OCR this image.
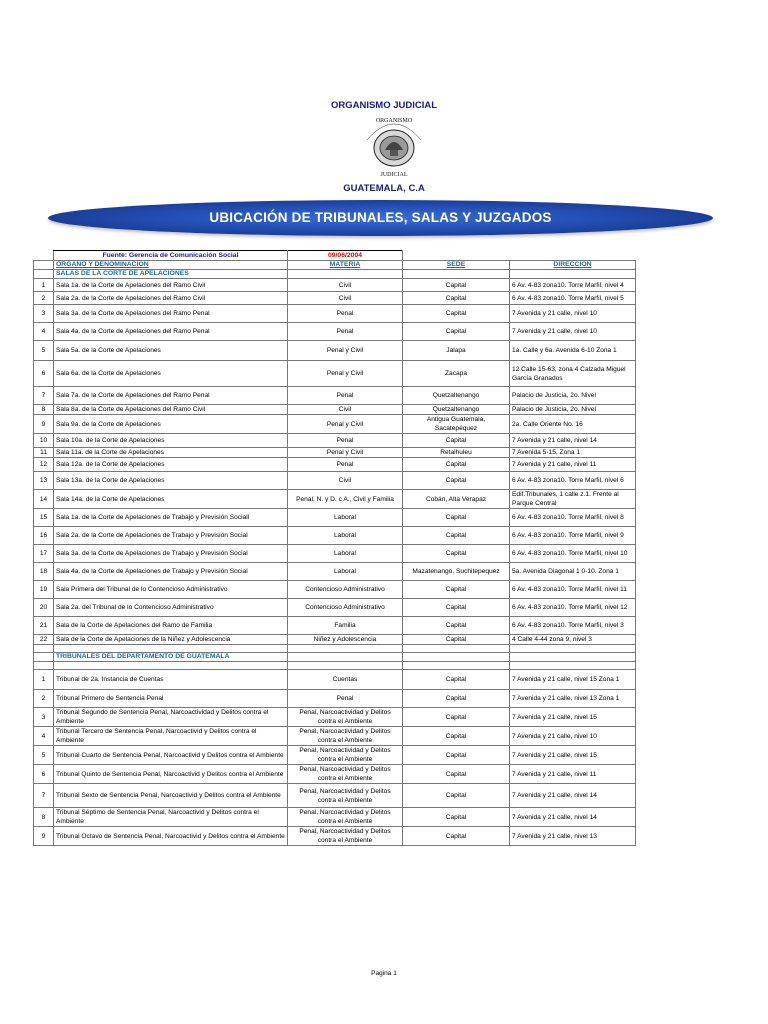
ORGANISMO JUDICIAL
ORGANISMO
JUDICIAL
GUATEMALA, C.A
UBICACIÓN DE TRIBUNALES, SALAS Y JUZGADOS
	Fuente: Gerencia de Comunicación Social	09/06/2004		
	ORGANO Y DENOMINACION	MATERIA	SEDE	DIRECCIÓN
	SALAS DE LA CORTE DE APELACIONES			
1	Sala 1a. de la Corte de Apelaciones del Ramo Civil	Civil	Capital	6 Av. 4-83 zona10. Torre Marfil, nivel 4
2	Sala 2a. de la Corte de Apelaciones del Ramo Civil	Civil	Capital	6 Av. 4-83 zona10. Torre Marfil, nivel 5
3	Sala 3a. de la Corte de Apelaciones del Ramo Penal	Penal	Capital	7 Avenida y 21 calle, nivel 10
4	Sala 4a. de la Corte de Apelaciones del Ramo Penal	Penal	Capital	7 Avenida y 21 calle, nivel 10
5	Sala 5a. de la Corte de Apelaciones	Penal y Civil	Jalapa	1a. Calle y 6a. Avenida 6-10 Zona 1
6	Sala 6a. de la Corte de Apelaciones	Penal y Civil	Zacapa	12 Calle 15-63, zona 4 Calzada Miguel García Granados
7	Sala 7a. de la Corte de Apelaciones del Ramo Penal	Penal	Quetzaltenango	Palacio de Justicia, 2o. Nivel
8	Sala 8a. de la Corte de Apelaciones del Ramo Civil	Civil	Quetzaltenango	Palacio de Justicia, 2o. Nivel
9	Sala 9a. de la Corte de Apelaciones	Penal y Civil	Antigua Guatemala, Sacatepéquez	2a. Calle Oriente No. 16
10	Sala 10a. de la Corte de Apelaciones	Penal	Capital	7 Avenida y 21 calle, nivel 14
11	Sala 11a. de la Corte de Apelaciones	Penal y Civil	Retalhuleu	7 Avenida 5-15, Zona 1
12	Sala 12a. de la Corte de Apelaciones	Penal	Capital	7 Avenida y 21 calle, nivel 11
13	Sala 13a. de la Corte de Apelaciones	Civil	Capital	6 Av. 4-83 zona10. Torre Marfil, nivel 6
14	Sala 14a. de la Corte de Apelaciones	Penal, N. y D. c A., Civil y Familia	Cobán, Alta Verapaz	Edif.Tribunales, 1 calle z.1. Frente al Parque Central
15	Sala 1a. de la Corte de Apelaciones de Trabajo y Previsión Sociall	Laboral	Capital	6 Av. 4-83 zona10. Torre Marfil, nivel 8
16	Sala 2a. de la Corte de Apelaciones de Trabajo y Previsión Social	Laboral	Capital	6 Av. 4-83 zona10. Torre Marfil, nivel 9
17	Sala 3a. de la Corte de Apelaciones de Trabajo y Previsión Social	Laboral	Capital	6 Av. 4-83 zona10. Torre Marfil, nivel 10
18	Sala 4a. de la Corte de Apelaciones de Trabajo y Previsión Social	Laboral	Mazatenango, Suchitepequez	5a. Avenida Diagonal 1 0-10. Zona 1
19	Sala Primera del Tribunal de lo Contencioso Administrativo	Contencioso Administrativo	Capital	6 Av. 4-83 zona10. Torre Marfil, nivel 11
20	Sala 2a. del Tribunal de lo Contencioso Administrativo	Contencioso Administrativo	Capital	6 Av. 4-83 zona10. Torre Marfil, nivel 12
21	Sala de la Corte de Apelaciones del Ramo de Familia	Familia	Capital	6 Av. 4-83 zona10. Torre Marfil, nivel 3
22	Sala de la Corte de Apelaciones de la Niñez y Adolescencia	Niñez y Adolescencia	Capital	4 Calle 4-44 zona 9, nivel 3

	TRIBUNALES DEL DEPARTAMENTO DE GUATEMALA			

1	Tribunal de 2a. Instancia de Cuentas	Cuentas	Capital	7 Avenida y 21 calle, nivel 15 Zona 1
2	Tribunal Primero de Sentencia Penal	Penal	Capital	7 Avenida y 21 calle, nivel 13 Zona 1
3	Tribunal Segundo de Sentencia Penal, Narcoactividad y Delitos contra el Ambiente	Penal, Narcoactividad y Delitos contra el Ambiente	Capital	7 Avenida y 21 calle, nivel 15
4	Tribunal Tercero de Sentencia Penal, Narcoactivid y Delitos contra el Ambiente	Penal, Narcoactividad y Delitos contra el Ambiente	Capital	7 Avenida y 21 calle, nivel 10
5	Tribunal Cuarto de Sentencia Penal, Narcoactivid y Delitos contra el Ambiente	Penal, Narcoactividad y Delitos contra el Ambiente	Capital	7 Avenida y 21 calle, nivel 15
6	Tribunal Quinto de Sentencia Penal, Narcoactivid y Delitos contra el Ambiente	Penal, Narcoactividad y Delitos contra el Ambiente	Capital	7 Avenida y 21 calle, nivel 11
7	Tribunal Sexto de Sentencia Penal, Narcoactivid y Delitos contra el Ambiente	Penal, Narcoactividad y Delitos contra el Ambiente	Capital	7 Avenida y 21 calle, nivel 14
8	Tribunal Séptimo de Sentencia Penal, Narcoactivid y Delitos contra el Ambiente	Penal, Narcoactividad y Delitos contra el Ambiente	Capital	7 Avenida y 21 calle, nivel 14
9	Tribunal Octavo de Sentencia Penal, Narcoactivid y Delitos contra el Ambiente	Penal, Narcoactividad y Delitos contra el Ambiente	Capital	7 Avenida y 21 calle, nivel 13
Pagina 1
